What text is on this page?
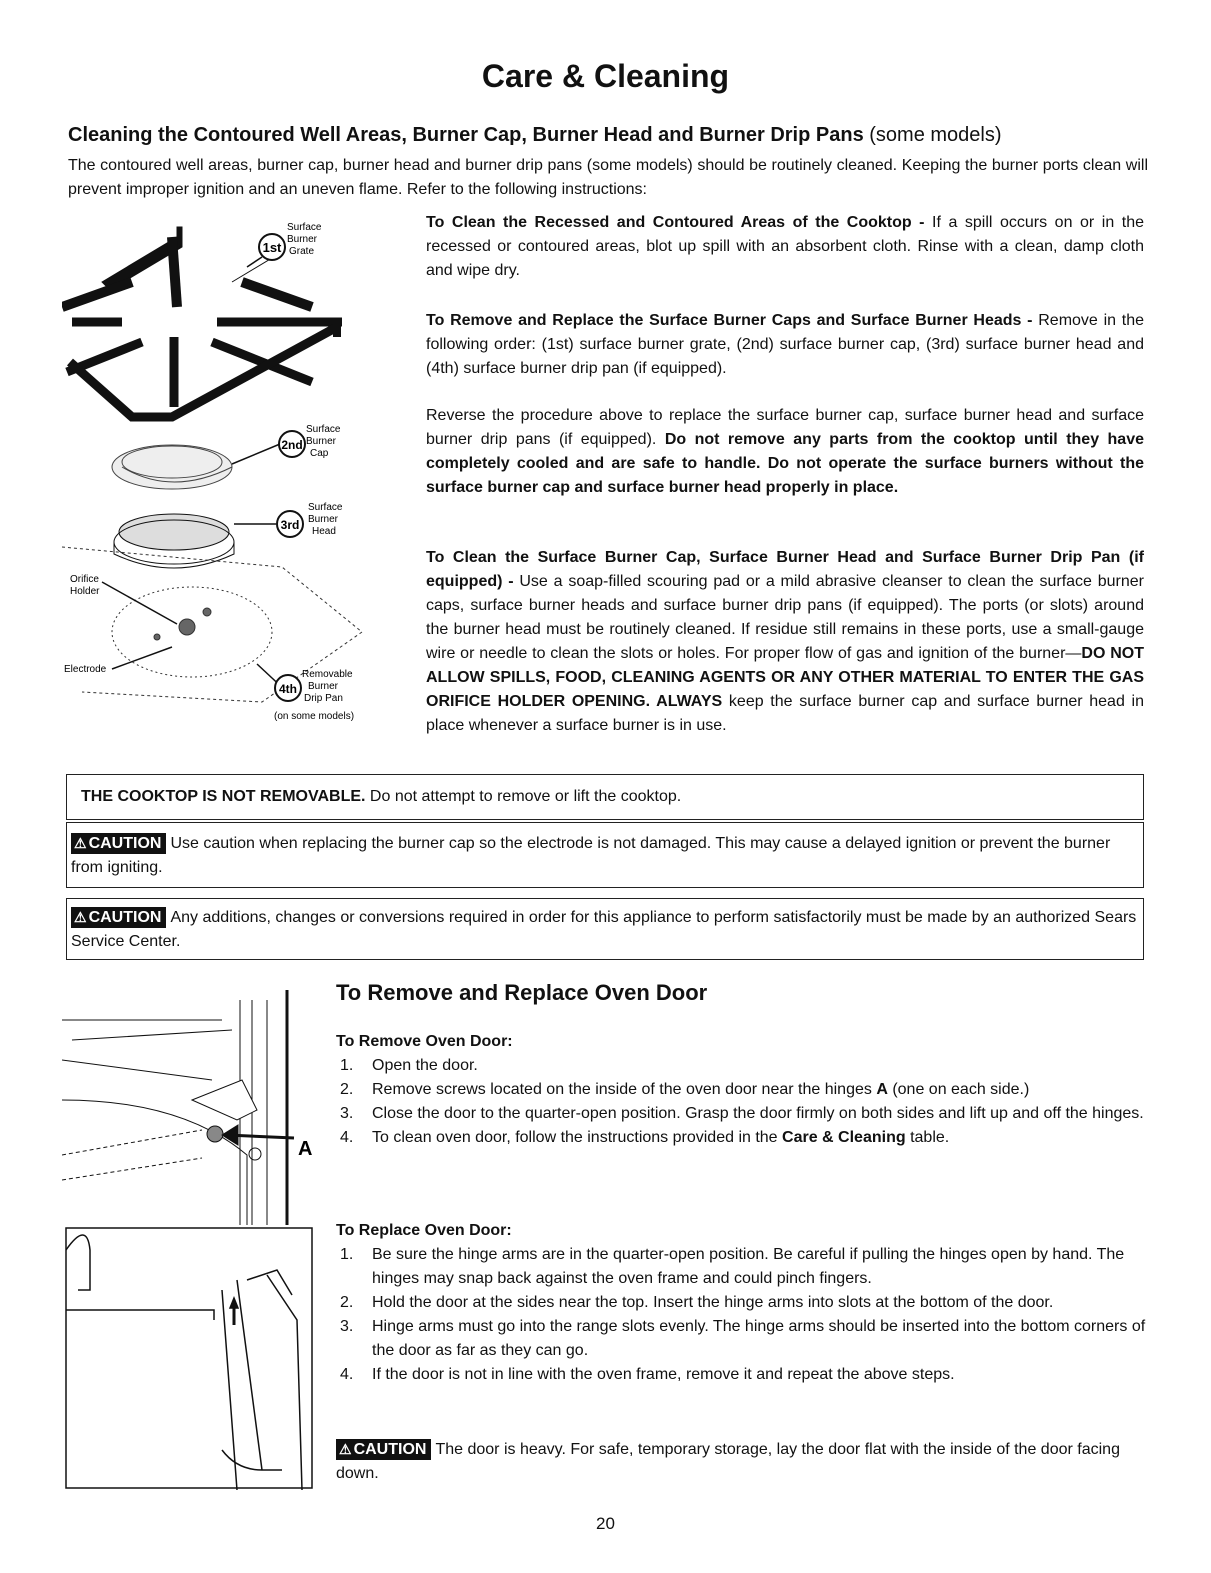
Care & Cleaning
Cleaning the Contoured Well Areas, Burner Cap, Burner Head and Burner Drip Pans (some models)
The contoured well areas, burner cap, burner head and burner drip pans (some models) should be routinely cleaned. Keeping the burner ports clean will prevent improper ignition and an uneven flame. Refer to the following instructions:
1st
Surface
Burner
Grate
2nd
Surface
Burner
Cap
3rd
Surface
Burner
Head
4th
Removable
Burner
Drip Pan
(on some models)
Orifice
Holder
Electrode
To Clean the Recessed and Contoured Areas of the Cooktop - If a spill occurs on or in the recessed or contoured areas, blot up spill with an absorbent cloth. Rinse with a clean, damp cloth and wipe dry.
To Remove and Replace the Surface Burner Caps and Surface Burner Heads - Remove in the following order: (1st) surface burner grate, (2nd) surface burner cap, (3rd) surface burner head and (4th) surface burner drip pan (if equipped).
Reverse the procedure above to replace the surface burner cap, surface burner head and surface burner drip pans (if equipped). Do not remove any parts from the cooktop until they have completely cooled and are safe to handle. Do not operate the surface burners without the surface burner cap and surface burner head properly in place.
To Clean the Surface Burner Cap, Surface Burner Head and Surface Burner Drip Pan (if equipped) - Use a soap-filled scouring pad or a mild abrasive cleanser to clean the surface burner caps, surface burner heads and surface burner drip pans (if equipped). The ports (or slots) around the burner head must be routinely cleaned. If residue still remains in these ports, use a small-gauge wire or needle to clean the slots or holes. For proper flow of gas and ignition of the burner—DO NOT ALLOW SPILLS, FOOD, CLEANING AGENTS OR ANY OTHER MATERIAL TO ENTER THE GAS ORIFICE HOLDER OPENING. ALWAYS keep the surface burner cap and surface burner head in place whenever a surface burner is in use.
THE COOKTOP IS NOT REMOVABLE. Do not attempt to remove or lift the cooktop.
⚠ CAUTION Use caution when replacing the burner cap so the electrode is not damaged. This may cause a delayed ignition or prevent the burner from igniting.
⚠ CAUTION Any additions, changes or conversions required in order for this appliance to perform satisfactorily must be made by an authorized Sears Service Center.
A
To Remove and Replace Oven Door
To Remove Oven Door:
1. Open the door.
2. Remove screws located on the inside of the oven door near the hinges A (one on each side.)
3. Close the door to the quarter-open position. Grasp the door firmly on both sides and lift up and off the hinges.
4. To clean oven door, follow the instructions provided in the Care & Cleaning table.
To Replace Oven Door:
1. Be sure the hinge arms are in the quarter-open position. Be careful if pulling the hinges open by hand. The hinges may snap back against the oven frame and could pinch fingers.
2. Hold the door at the sides near the top. Insert the hinge arms into slots at the bottom of the door.
3. Hinge arms must go into the range slots evenly. The hinge arms should be inserted into the bottom corners of the door as far as they can go.
4. If the door is not in line with the oven frame, remove it and repeat the above steps.
⚠ CAUTION The door is heavy. For safe, temporary storage, lay the door flat with the inside of the door facing down.
20
